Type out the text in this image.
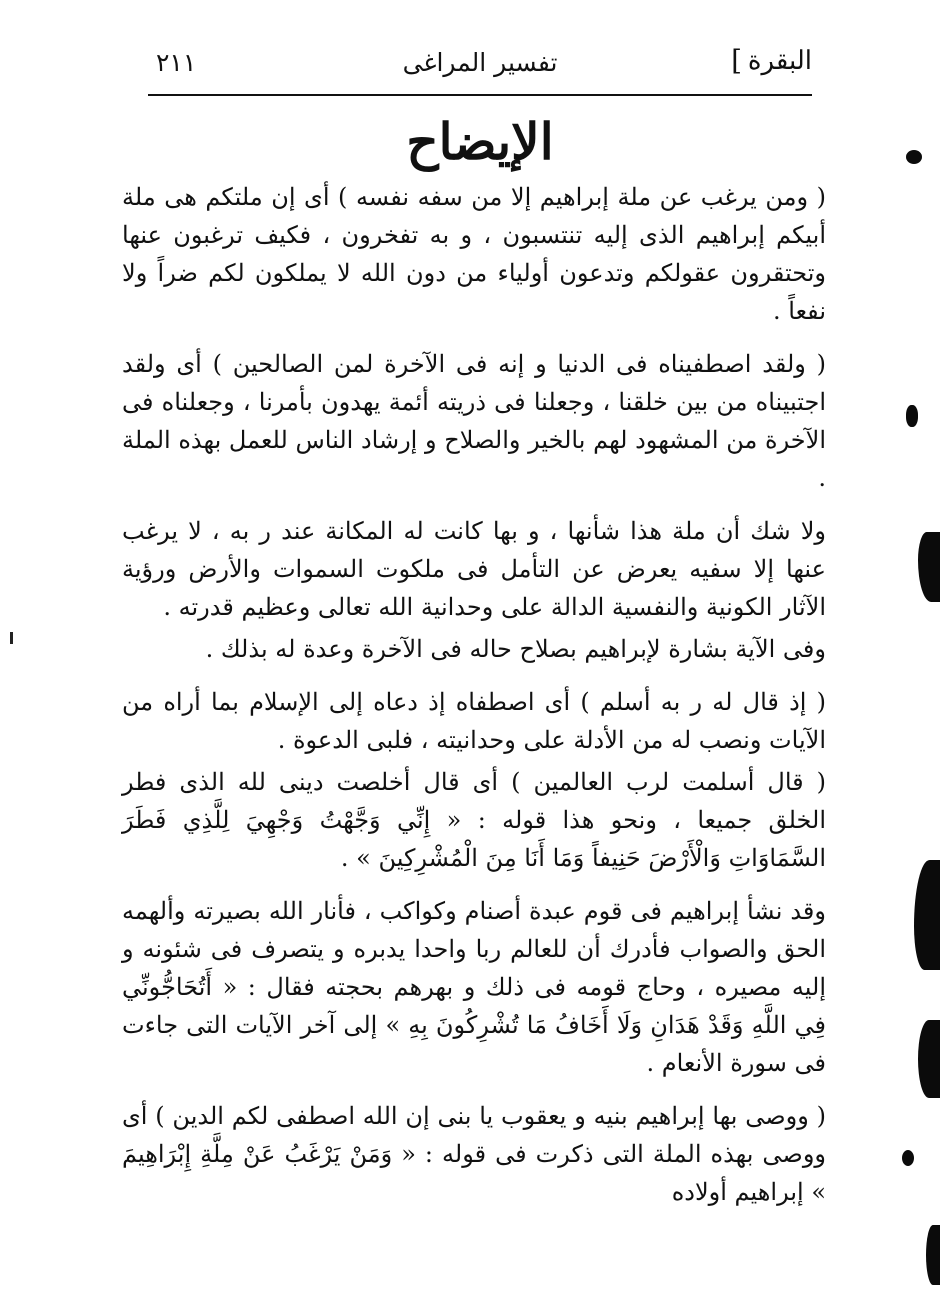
البقرة
]
تفسير المراغى
٢١١
الإيضاح

( ومن يرغب عن ملة إبراهيم إلا من سفه نفسه ) أى إن ملتكم هى ملة أبيكم إبراهيم الذى إليه تنتسبون ، و به تفخرون ، فكيف ترغبون عنها وتحتقرون عقولكم وتدعون أولياء من دون الله لا يملكون لكم ضراً ولا نفعاً .

( ولقد اصطفيناه فى الدنيا و إنه فى الآخرة لمن الصالحين ) أى ولقد اجتبيناه من بين خلقنا ، وجعلنا فى ذريته أئمة يهدون بأمرنا ، وجعلناه فى الآخرة من المشهود لهم بالخير والصلاح و إرشاد الناس للعمل بهذه الملة .

ولا شك أن ملة هذا شأنها ، و بها كانت له المكانة عند ر به ، لا يرغب عنها إلا سفيه يعرض عن التأمل فى ملكوت السموات والأرض ورؤية الآثار الكونية والنفسية الدالة على وحدانية الله تعالى وعظيم قدرته .

وفى الآية بشارة لإبراهيم بصلاح حاله فى الآخرة وعدة له بذلك .

( إذ قال له ر به أسلم ) أى اصطفاه إذ دعاه إلى الإسلام بما أراه من الآيات ونصب له من الأدلة على وحدانيته ، فلبى الدعوة .

( قال أسلمت لرب العالمين ) أى قال أخلصت دينى لله الذى فطر الخلق جميعا ، ونحو هذا قوله : « إِنِّي وَجَّهْتُ وَجْهِيَ لِلَّذِي فَطَرَ السَّمَاوَاتِ وَالْأَرْضَ حَنِيفاً وَمَا أَنَا مِنَ الْمُشْرِكِينَ » .

وقد نشأ إبراهيم فى قوم عبدة أصنام وكواكب ، فأنار الله بصيرته وألهمه الحق والصواب فأدرك أن للعالم ربا واحدا يدبره و يتصرف فى شئونه و إليه مصيره ، وحاج قومه فى ذلك و بهرهم بحجته فقال : « أَتُحَاجُّونِّي فِي اللَّهِ وَقَدْ هَدَانِ وَلَا أَخَافُ مَا تُشْرِكُونَ بِهِ » إلى آخر الآيات التى جاءت فى سورة الأنعام .

( ووصى بها إبراهيم بنيه و يعقوب يا بنى إن الله اصطفى لكم الدين ) أى ووصى بهذه الملة التى ذكرت فى قوله : « وَمَنْ يَرْغَبُ عَنْ مِلَّةِ إِبْرَاهِيمَ » إبراهيم أولاده
